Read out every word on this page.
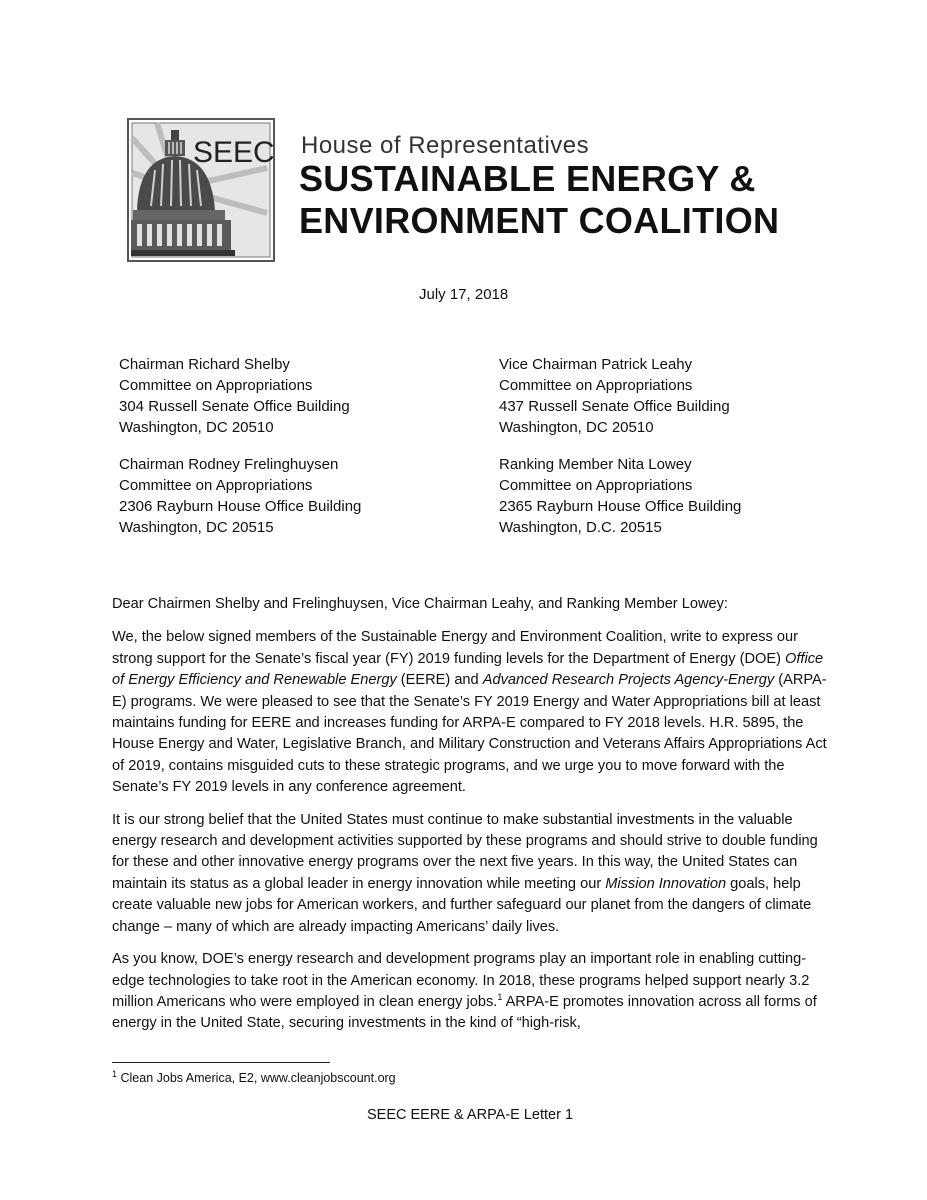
SEEC House of Representatives
SUSTAINABLE ENERGY &
ENVIRONMENT COALITION
July 17, 2018
Chairman Richard Shelby
Committee on Appropriations
304 Russell Senate Office Building
Washington, DC 20510
Vice Chairman Patrick Leahy
Committee on Appropriations
437 Russell Senate Office Building
Washington, DC 20510
Chairman Rodney Frelinghuysen
Committee on Appropriations
2306 Rayburn House Office Building
Washington, DC 20515
Ranking Member Nita Lowey
Committee on Appropriations
2365 Rayburn House Office Building
Washington, D.C. 20515

Dear Chairmen Shelby and Frelinghuysen, Vice Chairman Leahy, and Ranking Member Lowey:

We, the below signed members of the Sustainable Energy and Environment Coalition, write to express our strong support for the Senate’s fiscal year (FY) 2019 funding levels for the Department of Energy (DOE) Office of Energy Efficiency and Renewable Energy (EERE) and Advanced Research Projects Agency-Energy (ARPA-E) programs. We were pleased to see that the Senate’s FY 2019 Energy and Water Appropriations bill at least maintains funding for EERE and increases funding for ARPA-E compared to FY 2018 levels. H.R. 5895, the House Energy and Water, Legislative Branch, and Military Construction and Veterans Affairs Appropriations Act of 2019, contains misguided cuts to these strategic programs, and we urge you to move forward with the Senate’s FY 2019 levels in any conference agreement.

It is our strong belief that the United States must continue to make substantial investments in the valuable energy research and development activities supported by these programs and should strive to double funding for these and other innovative energy programs over the next five years. In this way, the United States can maintain its status as a global leader in energy innovation while meeting our Mission Innovation goals, help create valuable new jobs for American workers, and further safeguard our planet from the dangers of climate change – many of which are already impacting Americans’ daily lives.

As you know, DOE’s energy research and development programs play an important role in enabling cutting-edge technologies to take root in the American economy. In 2018, these programs helped support nearly 3.2 million Americans who were employed in clean energy jobs.$^1$ ARPA-E promotes innovation across all forms of energy in the United State, securing investments in the kind of “high-risk,

$^1$ Clean Jobs America, E2, www.cleanjobscount.org
SEEC EERE & ARPA-E Letter 1
